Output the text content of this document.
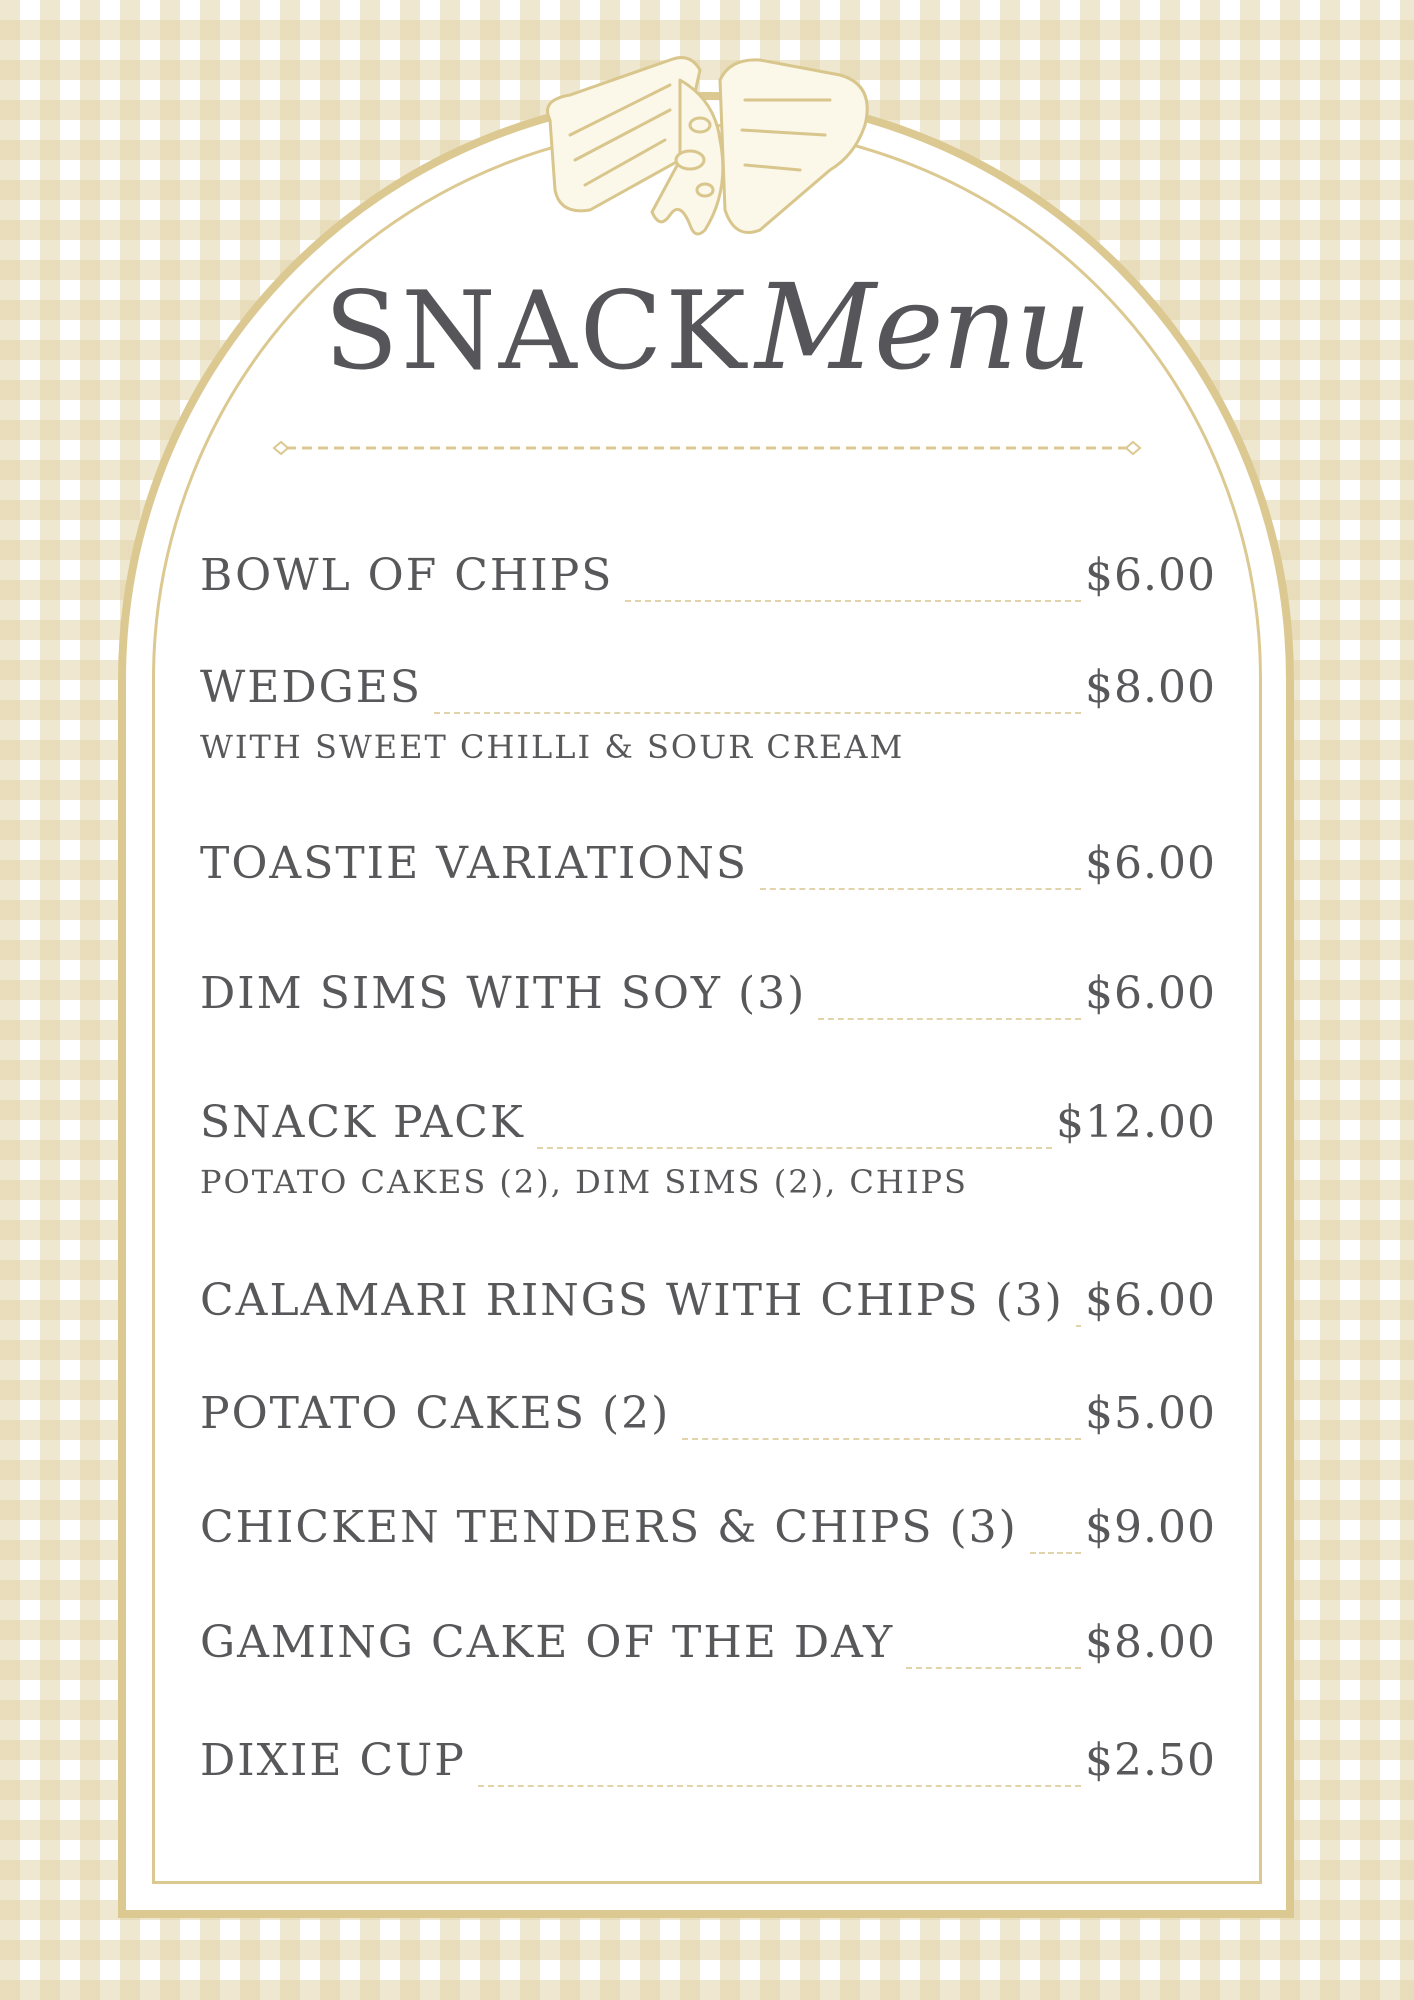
SNACKMenu
BOWL OF CHIPS	$6.00
WEDGES	$8.00
WITH SWEET CHILLI & SOUR CREAM
TOASTIE VARIATIONS	$6.00
DIM SIMS WITH SOY (3)	$6.00
SNACK PACK	$12.00
POTATO CAKES (2), DIM SIMS (2), CHIPS
CALAMARI RINGS WITH CHIPS (3) $6.00
POTATO CAKES (2)	$5.00
CHICKEN TENDERS & CHIPS (3) $9.00
GAMING CAKE OF THE DAY	$8.00
DIXIE CUP	$2.50
